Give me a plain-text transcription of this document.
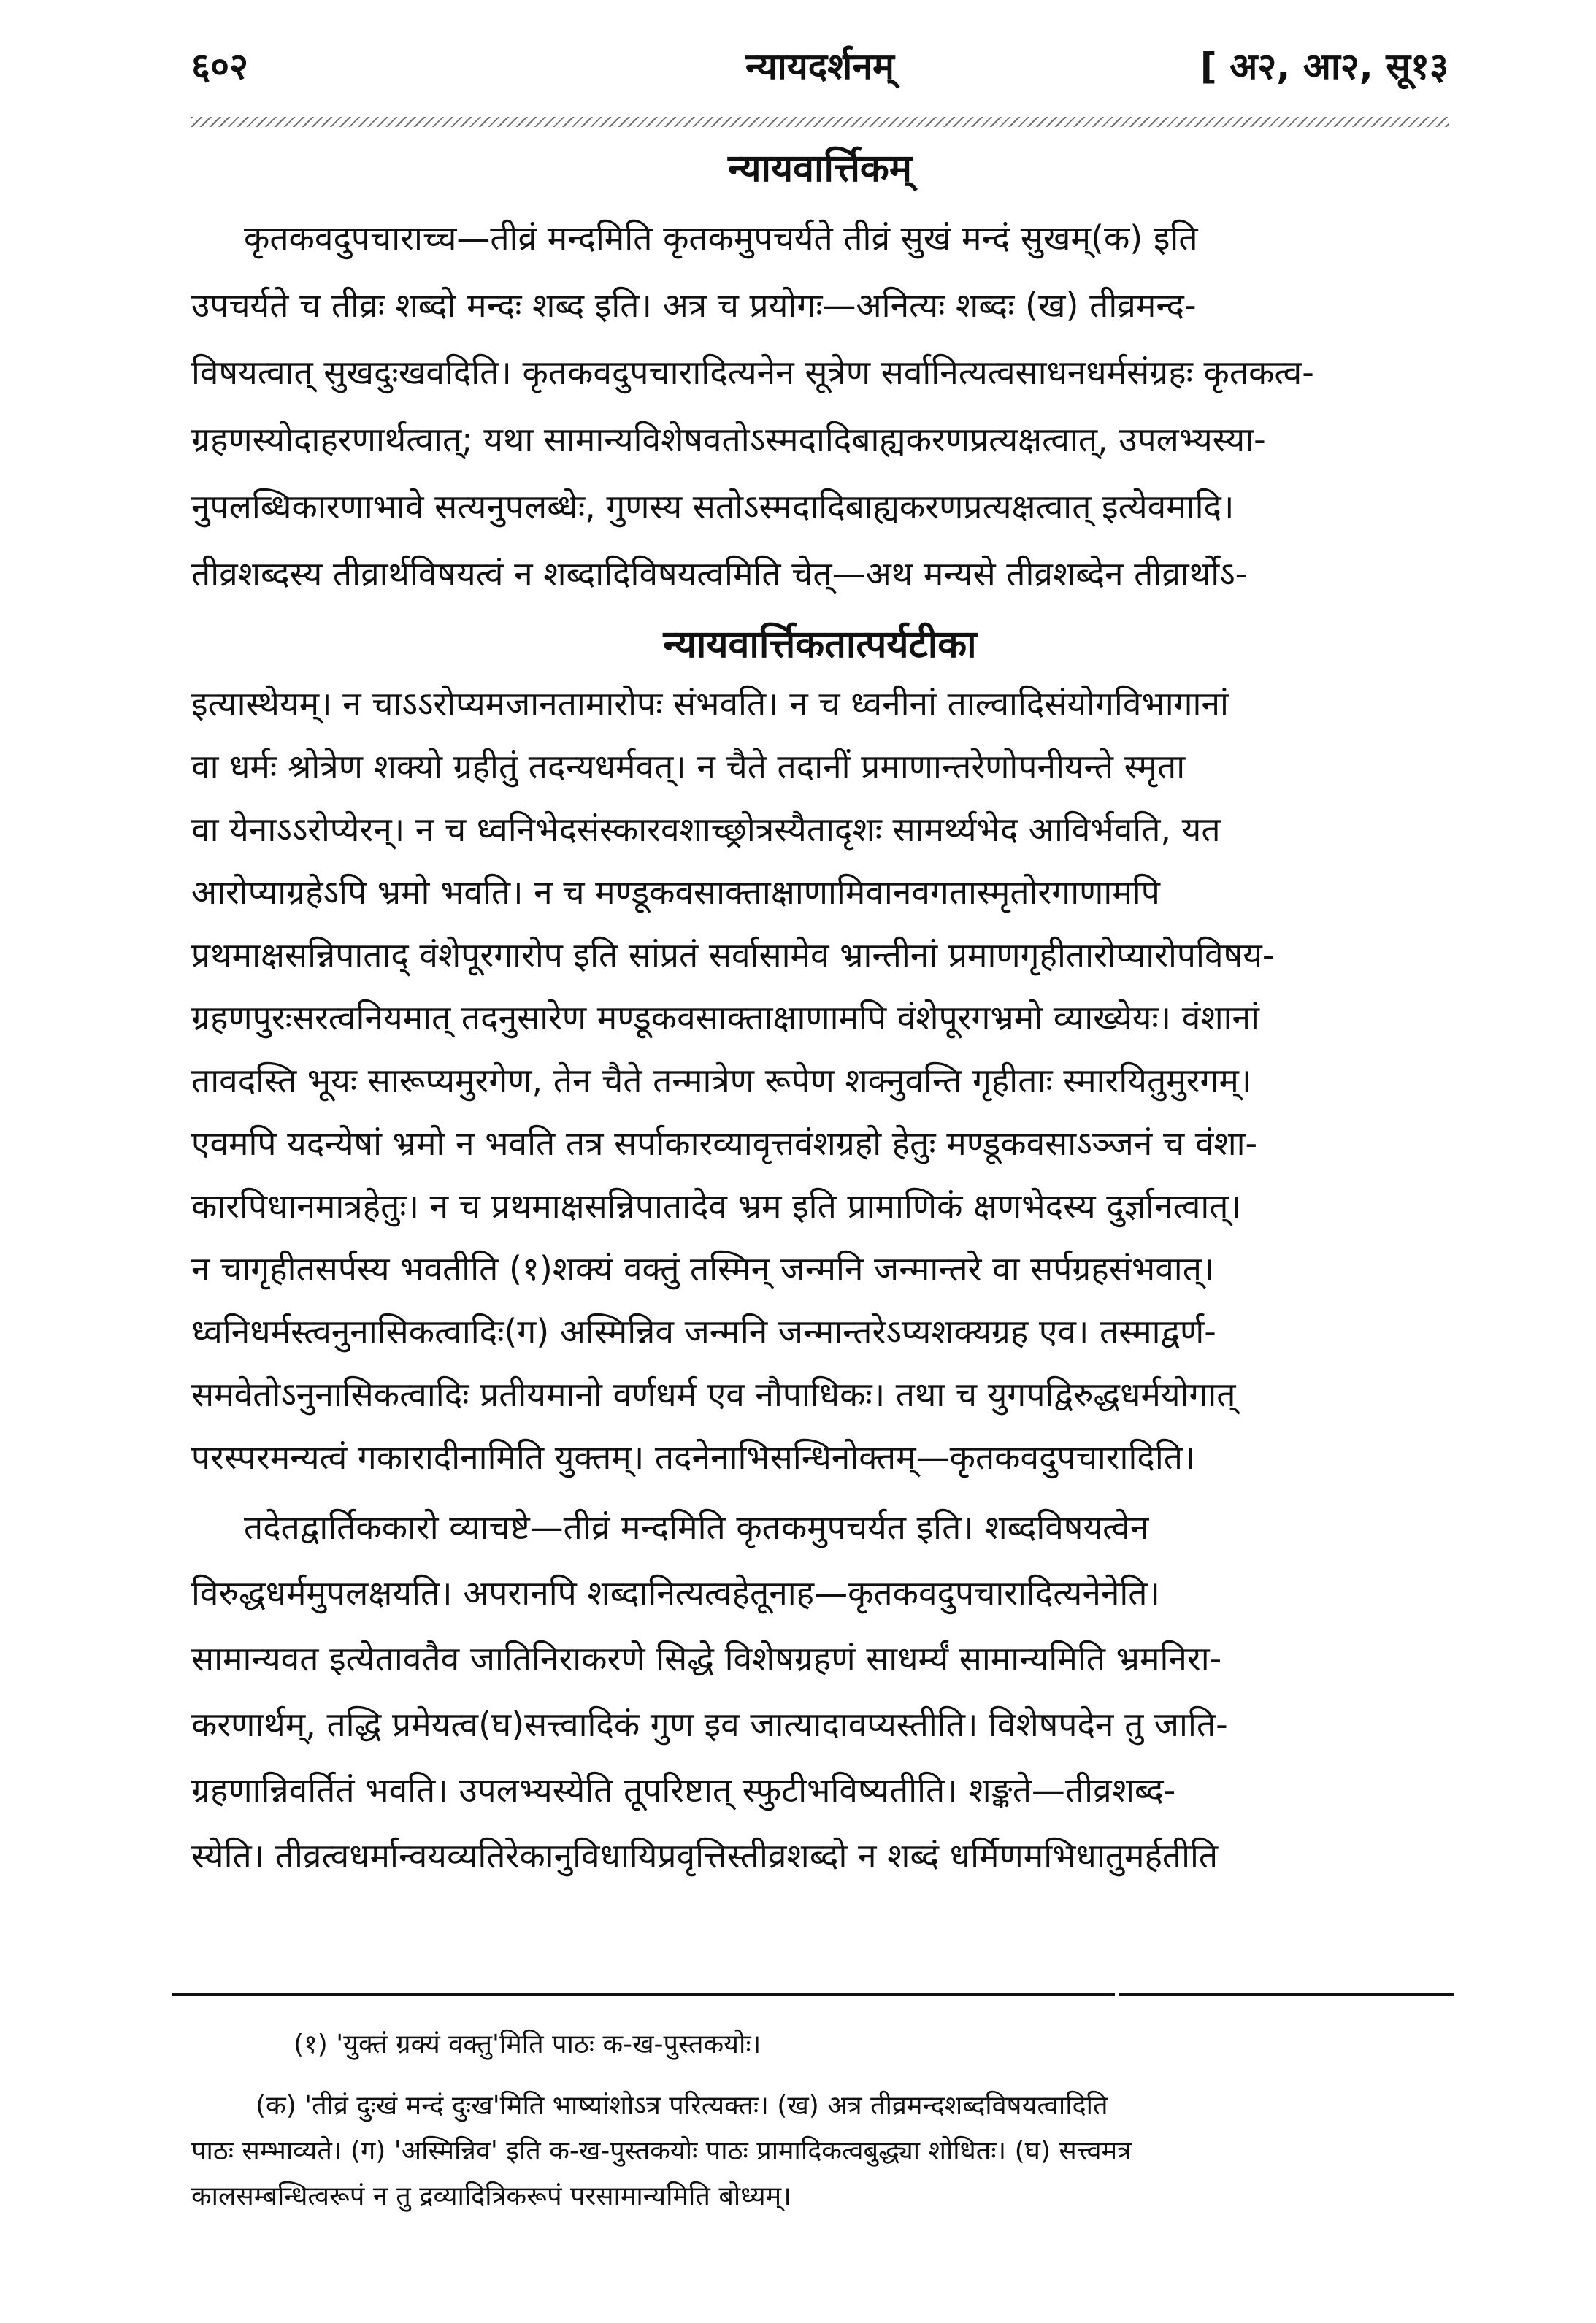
६०२	न्यायदर्शनम्	[ अ२, आ२, सू१३
न्यायवार्त्तिकम्
कृतकवदुपचाराच्च—तीव्रं मन्दमिति कृतकमुपचर्यते तीव्रं सुखं मन्दं सुखम्(क) इति
उपचर्यते च तीव्रः शब्दो मन्दः शब्द इति। अत्र च प्रयोगः—अनित्यः शब्दः (ख) तीव्रमन्द-
विषयत्वात् सुखदुःखवदिति। कृतकवदुपचारादित्यनेन सूत्रेण सर्वानित्यत्वसाधनधर्मसंग्रहः कृतकत्व-
ग्रहणस्योदाहरणार्थत्वात्; यथा सामान्यविशेषवतोऽस्मदादिबाह्यकरणप्रत्यक्षत्वात्, उपलभ्यस्या-
नुपलब्धिकारणाभावे सत्यनुपलब्धेः, गुणस्य सतोऽस्मदादिबाह्यकरणप्रत्यक्षत्वात् इत्येवमादि।
तीव्रशब्दस्य तीव्रार्थविषयत्वं न शब्दादिविषयत्वमिति चेत्—अथ मन्यसे तीव्रशब्देन तीव्रार्थोऽ-
न्यायवार्त्तिकतात्पर्यटीका
इत्यास्थेयम्। न चाऽऽरोप्यमजानतामारोपः संभवति। न च ध्वनीनां ताल्वादिसंयोगविभागानां
वा धर्मः श्रोत्रेण शक्यो ग्रहीतुं तदन्यधर्मवत्। न चैते तदानीं प्रमाणान्तरेणोपनीयन्ते स्मृता
वा येनाऽऽरोप्येरन्। न च ध्वनिभेदसंस्कारवशाच्छ्रोत्रस्यैतादृशः सामर्थ्यभेद आविर्भवति, यत
आरोप्याग्रहेऽपि भ्रमो भवति। न च मण्डूकवसाक्ताक्षाणामिवानवगतास्मृतोरगाणामपि
प्रथमाक्षसन्निपाताद् वंशेपूरगारोप इति सांप्रतं सर्वासामेव भ्रान्तीनां प्रमाणगृहीतारोप्यारोपविषय-
ग्रहणपुरःसरत्वनियमात् तदनुसारेण मण्डूकवसाक्ताक्षाणामपि वंशेपूरगभ्रमो व्याख्येयः। वंशानां
तावदस्ति भूयः सारूप्यमुरगेण, तेन चैते तन्मात्रेण रूपेण शक्नुवन्ति गृहीताः स्मारयितुमुरगम्।
एवमपि यदन्येषां भ्रमो न भवति तत्र सर्पाकारव्यावृत्तवंशग्रहो हेतुः मण्डूकवसाऽञ्जनं च वंशा-
कारपिधानमात्रहेतुः। न च प्रथमाक्षसन्निपातादेव भ्रम इति प्रामाणिकं क्षणभेदस्य दुर्ज्ञानत्वात्।
न चागृहीतसर्पस्य भवतीति (१)शक्यं वक्तुं तस्मिन् जन्मनि जन्मान्तरे वा सर्पग्रहसंभवात्।
ध्वनिधर्मस्त्वनुनासिकत्वादिः(ग) अस्मिन्निव जन्मनि जन्मान्तरेऽप्यशक्यग्रह एव। तस्माद्वर्ण-
समवेतोऽनुनासिकत्वादिः प्रतीयमानो वर्णधर्म एव नौपाधिकः। तथा च युगपद्विरुद्धधर्मयोगात्
परस्परमन्यत्वं गकारादीनामिति युक्तम्। तदनेनाभिसन्धिनोक्तम्—कृतकवदुपचारादिति।
तदेतद्वार्तिककारो व्याचष्टे—तीव्रं मन्दमिति कृतकमुपचर्यत इति। शब्दविषयत्वेन
विरुद्धधर्ममुपलक्षयति। अपरानपि शब्दानित्यत्वहेतूनाह—कृतकवदुपचारादित्यनेनेति।
सामान्यवत इत्येतावतैव जातिनिराकरणे सिद्धे विशेषग्रहणं साधर्म्यं सामान्यमिति भ्रमनिरा-
करणार्थम्, तद्धि प्रमेयत्व(घ)सत्त्वादिकं गुण इव जात्यादावप्यस्तीति। विशेषपदेन तु जाति-
ग्रहणान्निवर्तितं भवति। उपलभ्यस्येति तूपरिष्टात् स्फुटीभविष्यतीति। शङ्कते—तीव्रशब्द-
स्येति। तीव्रत्वधर्मान्वयव्यतिरेकानुविधायिप्रवृत्तिस्तीव्रशब्दो न शब्दं धर्मिणमभिधातुमर्हतीति
(१) 'युक्तं ग्रक्यं वक्तु'मिति पाठः क-ख-पुस्तकयोः।
(क) 'तीव्रं दुःखं मन्दं दुःख'मिति भाष्यांशोऽत्र परित्यक्तः। (ख) अत्र तीव्रमन्दशब्दविषयत्वादिति
पाठः सम्भाव्यते। (ग) 'अस्मिन्निव' इति क-ख-पुस्तकयोः पाठः प्रामादिकत्वबुद्ध्या शोधितः। (घ) सत्त्वमत्र
कालसम्बन्धित्वरूपं न तु द्रव्यादित्रिकरूपं परसामान्यमिति बोध्यम्।
